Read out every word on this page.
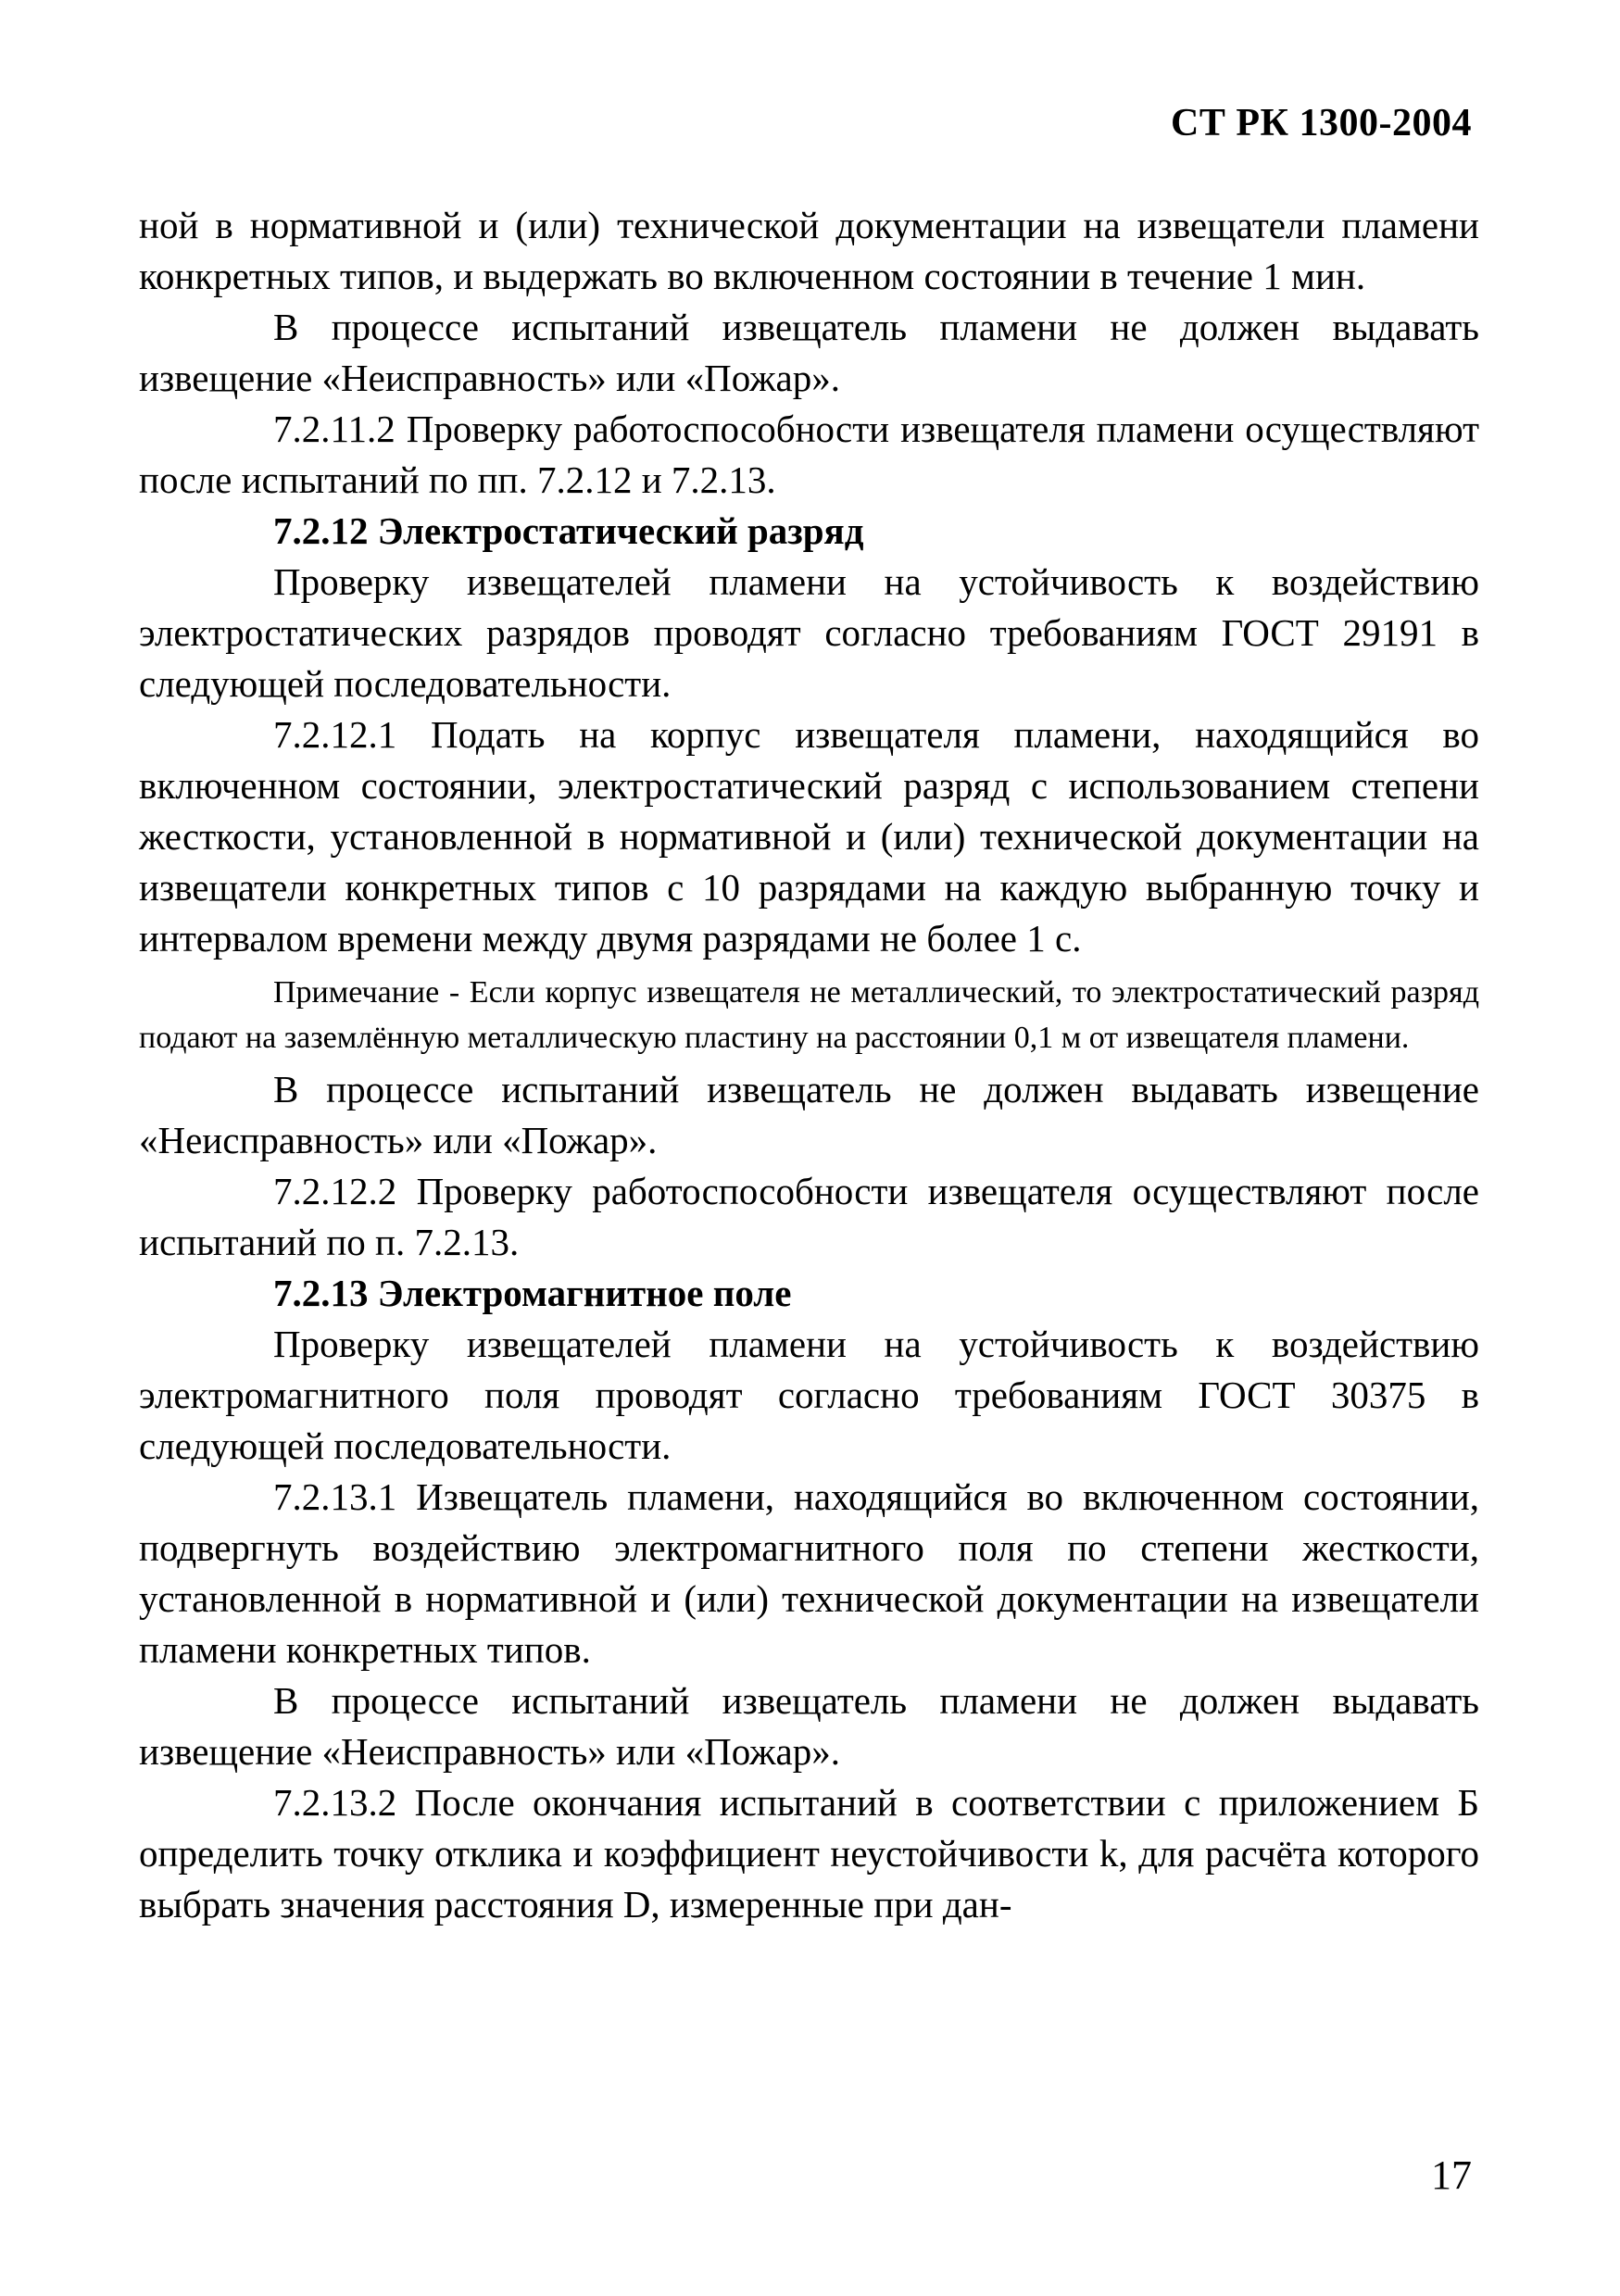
СТ РК 1300-2004

ной в нормативной и (или) технической документации на извещатели пламени конкретных типов, и выдержать во включенном состоянии в течение 1 мин.

В процессе испытаний извещатель пламени не должен выдавать извещение «Неисправность» или «Пожар».

7.2.11.2 Проверку работоспособности извещателя пламени осуществляют после испытаний по пп. 7.2.12 и 7.2.13.

7.2.12 Электростатический разряд

Проверку извещателей пламени на устойчивость к воздействию электростатических разрядов проводят согласно требованиям ГОСТ 29191 в следующей последовательности.

7.2.12.1 Подать на корпус извещателя пламени, находящийся во включенном состоянии, электростатический разряд с использованием степени жесткости, установленной в нормативной и (или) технической документации на извещатели конкретных типов с 10 разрядами на каждую выбранную точку и интервалом времени между двумя разрядами не более 1 с.

Примечание - Если корпус извещателя не металлический, то электростатический разряд подают на заземлённую металлическую пластину на расстоянии 0,1 м от извещателя пламени.

В процессе испытаний извещатель не должен выдавать извещение «Неисправность» или «Пожар».

7.2.12.2 Проверку работоспособности извещателя осуществляют после испытаний по п. 7.2.13.

7.2.13 Электромагнитное поле

Проверку извещателей пламени на устойчивость к воздействию электромагнитного поля проводят согласно требованиям ГОСТ 30375 в следующей последовательности.

7.2.13.1 Извещатель пламени, находящийся во включенном состоянии, подвергнуть воздействию электромагнитного поля по степени жесткости, установленной в нормативной и (или) технической документации на извещатели пламени конкретных типов.

В процессе испытаний извещатель пламени не должен выдавать извещение «Неисправность» или «Пожар».

7.2.13.2 После окончания испытаний в соответствии с приложением Б определить точку отклика и коэффициент неустойчивости k, для расчёта которого выбрать значения расстояния D, измеренные при дан-

17
